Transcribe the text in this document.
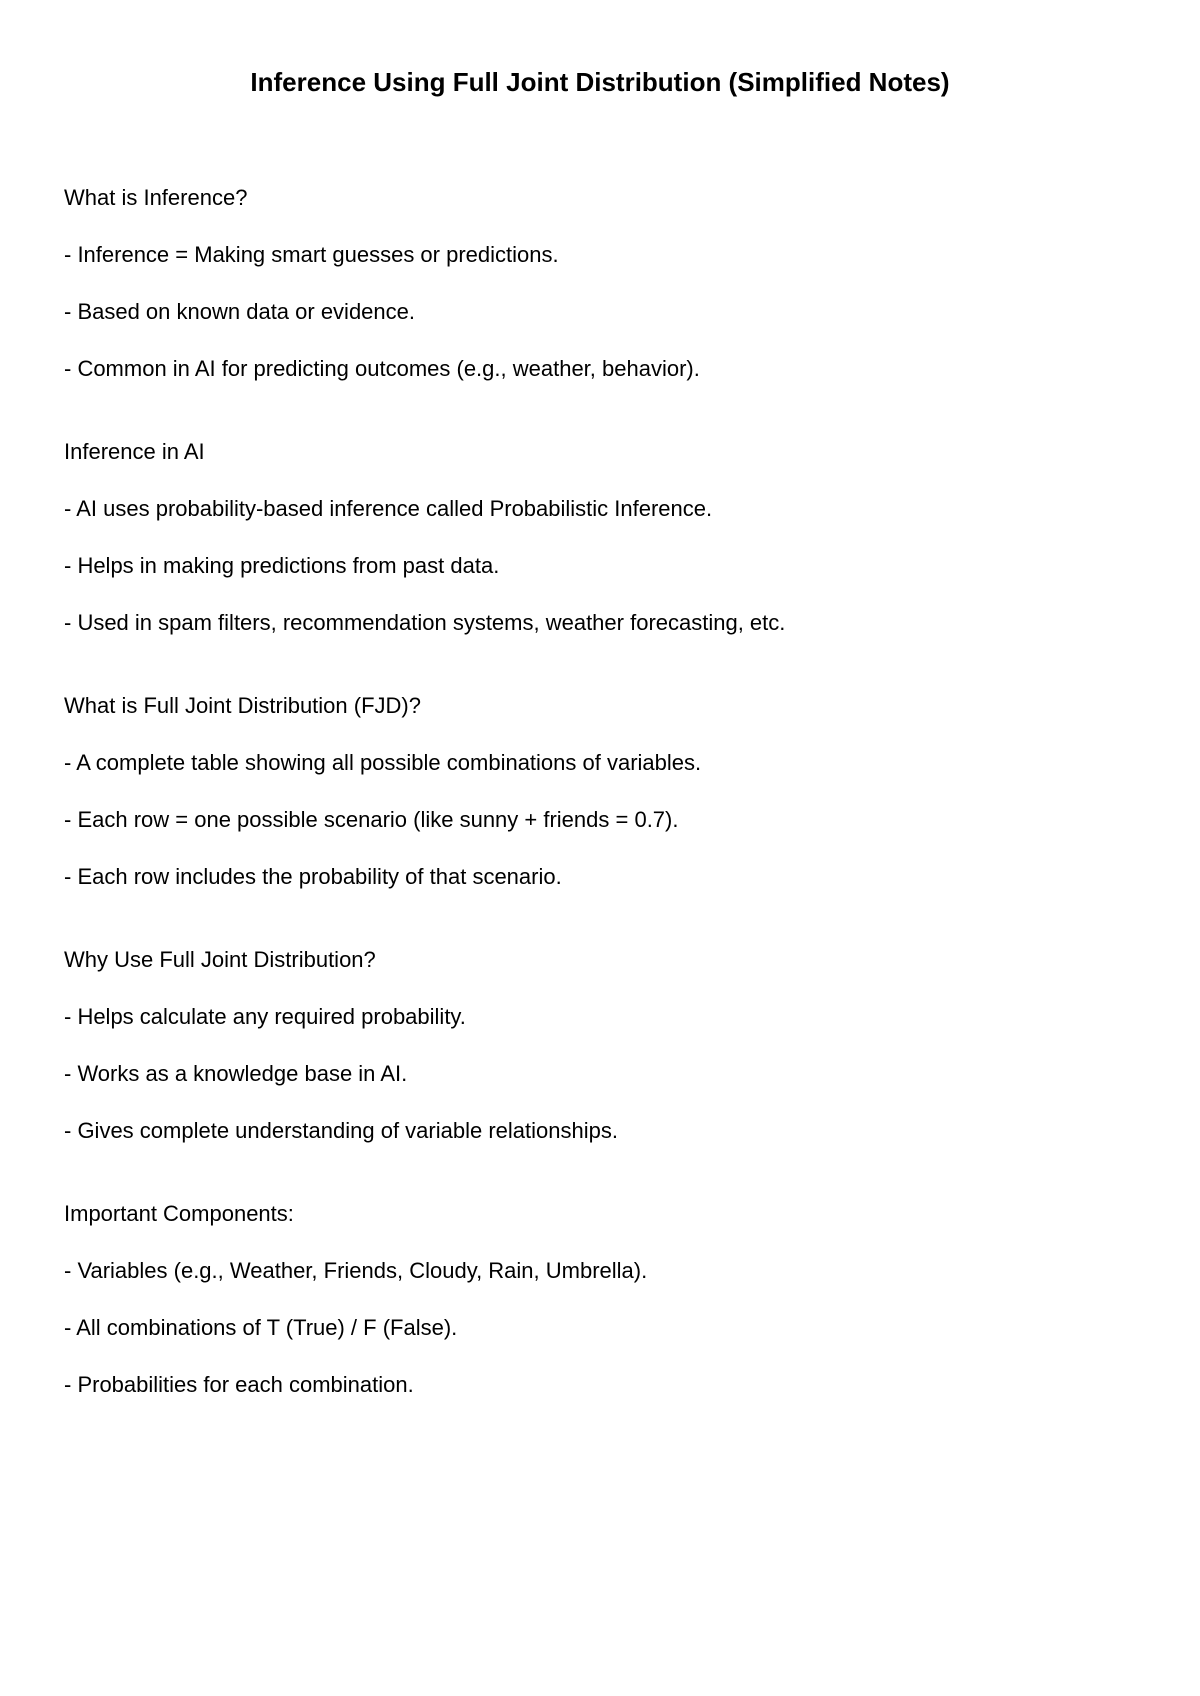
Inference Using Full Joint Distribution (Simplified Notes)
What is Inference?
- Inference = Making smart guesses or predictions.
- Based on known data or evidence.
- Common in AI for predicting outcomes (e.g., weather, behavior).
Inference in AI
- AI uses probability-based inference called Probabilistic Inference.
- Helps in making predictions from past data.
- Used in spam filters, recommendation systems, weather forecasting, etc.
What is Full Joint Distribution (FJD)?
- A complete table showing all possible combinations of variables.
- Each row = one possible scenario (like sunny + friends = 0.7).
- Each row includes the probability of that scenario.
Why Use Full Joint Distribution?
- Helps calculate any required probability.
- Works as a knowledge base in AI.
- Gives complete understanding of variable relationships.
Important Components:
- Variables (e.g., Weather, Friends, Cloudy, Rain, Umbrella).
- All combinations of T (True) / F (False).
- Probabilities for each combination.
